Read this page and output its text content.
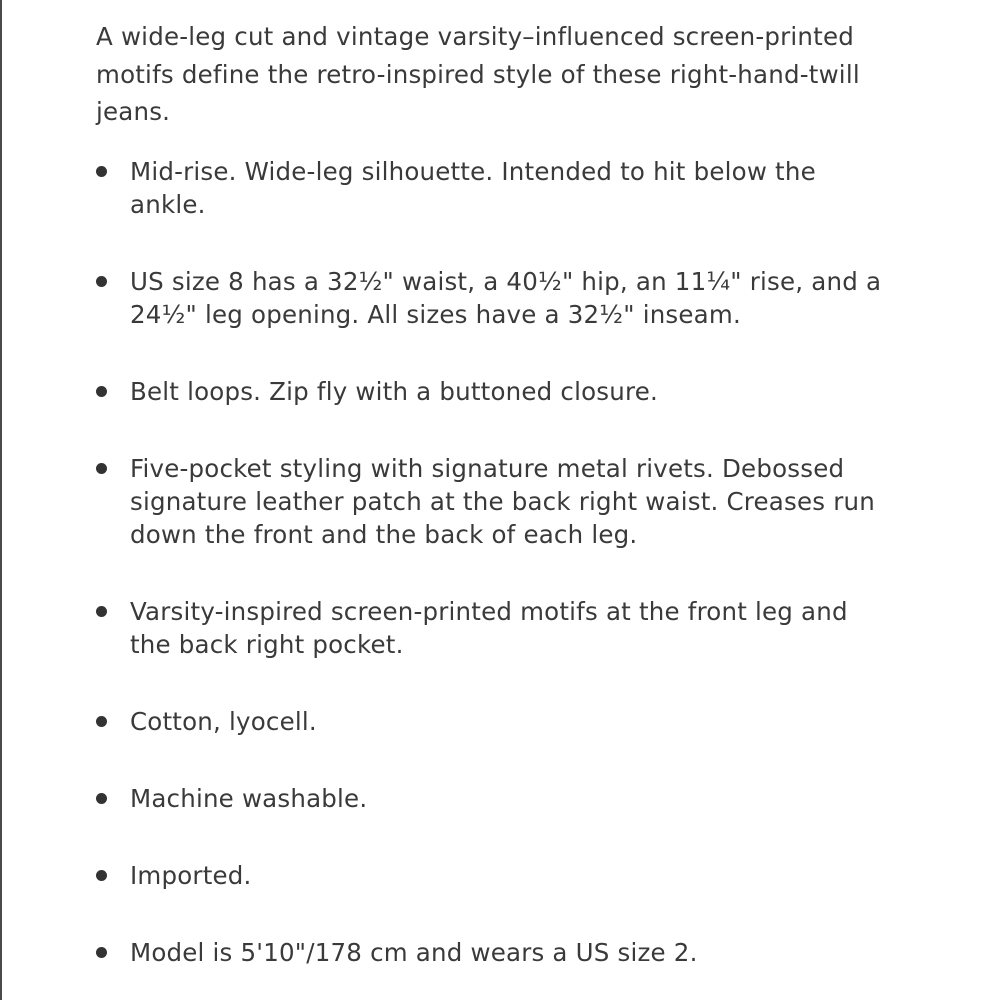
A wide-leg cut and vintage varsity–influenced screen-printed motifs define the retro-inspired style of these right-hand-twill jeans.

Mid-rise. Wide-leg silhouette. Intended to hit below the ankle.
US size 8 has a 32½" waist, a 40½" hip, an 11¼" rise, and a 24½" leg opening. All sizes have a 32½" inseam.
Belt loops. Zip fly with a buttoned closure.
Five-pocket styling with signature metal rivets. Debossed signature leather patch at the back right waist. Creases run down the front and the back of each leg.
Varsity-inspired screen-printed motifs at the front leg and the back right pocket.
Cotton, lyocell.
Machine washable.
Imported.
Model is 5'10"/178 cm and wears a US size 2.
